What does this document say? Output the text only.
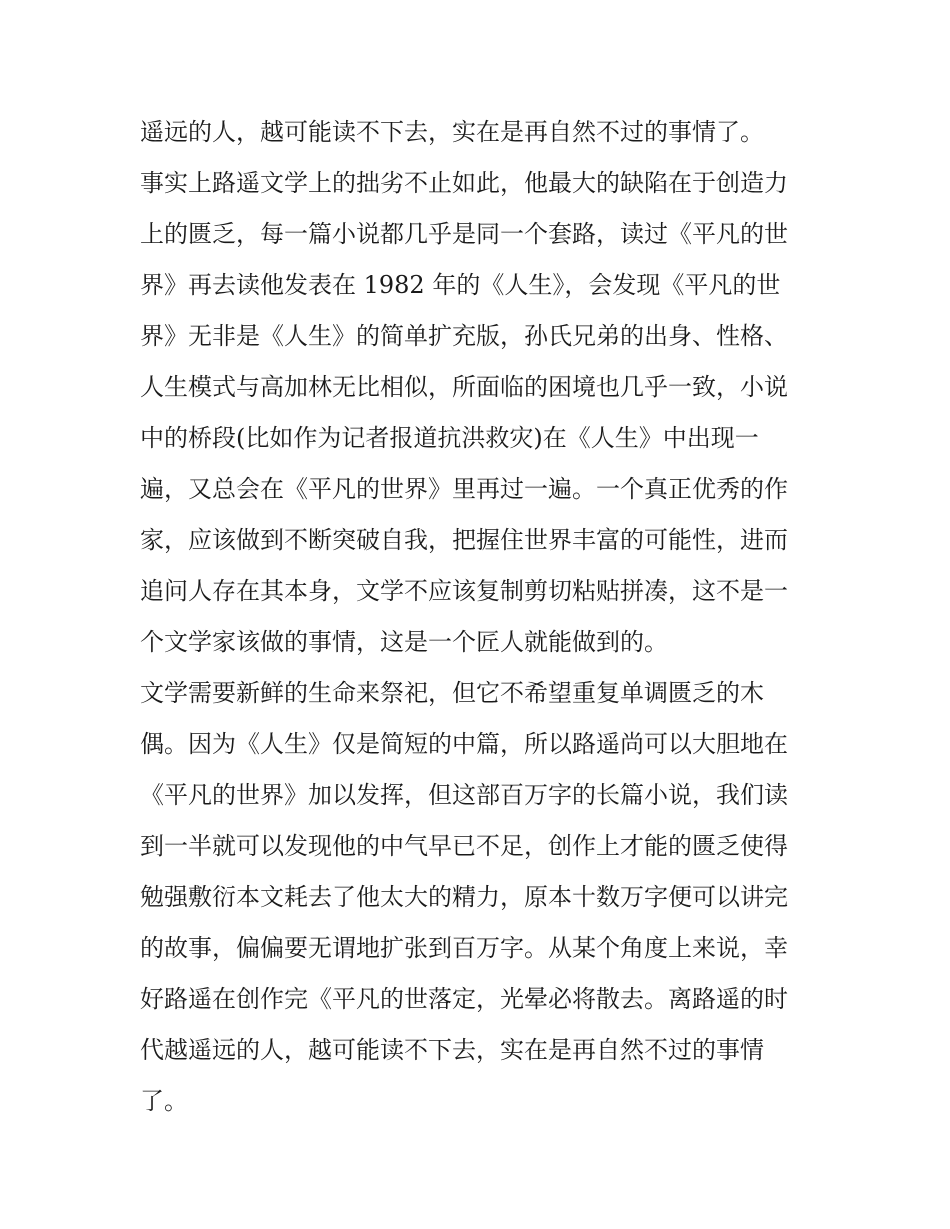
遥远的人，越可能读不下去，实在是再自然不过的事情了。
事实上路遥文学上的拙劣不止如此，他最大的缺陷在于创造力
上的匮乏，每一篇小说都几乎是同一个套路，读过《平凡的世
界》再去读他发表在 1982 年的《人生》，会发现《平凡的世
界》无非是《人生》的简单扩充版，孙氏兄弟的出身、性格、
人生模式与高加林无比相似，所面临的困境也几乎一致，小说
中的桥段(比如作为记者报道抗洪救灾)在《人生》中出现一
遍，又总会在《平凡的世界》里再过一遍。一个真正优秀的作
家，应该做到不断突破自我，把握住世界丰富的可能性，进而
追问人存在其本身，文学不应该复制剪切粘贴拼凑，这不是一
个文学家该做的事情，这是一个匠人就能做到的。
文学需要新鲜的生命来祭祀，但它不希望重复单调匮乏的木
偶。因为《人生》仅是简短的中篇，所以路遥尚可以大胆地在
《平凡的世界》加以发挥，但这部百万字的长篇小说，我们读
到一半就可以发现他的中气早已不足，创作上才能的匮乏使得
勉强敷衍本文耗去了他太大的精力，原本十数万字便可以讲完
的故事，偏偏要无谓地扩张到百万字。从某个角度上来说，幸
好路遥在创作完《平凡的世落定，光晕必将散去。离路遥的时
代越遥远的人，越可能读不下去，实在是再自然不过的事情
了。
